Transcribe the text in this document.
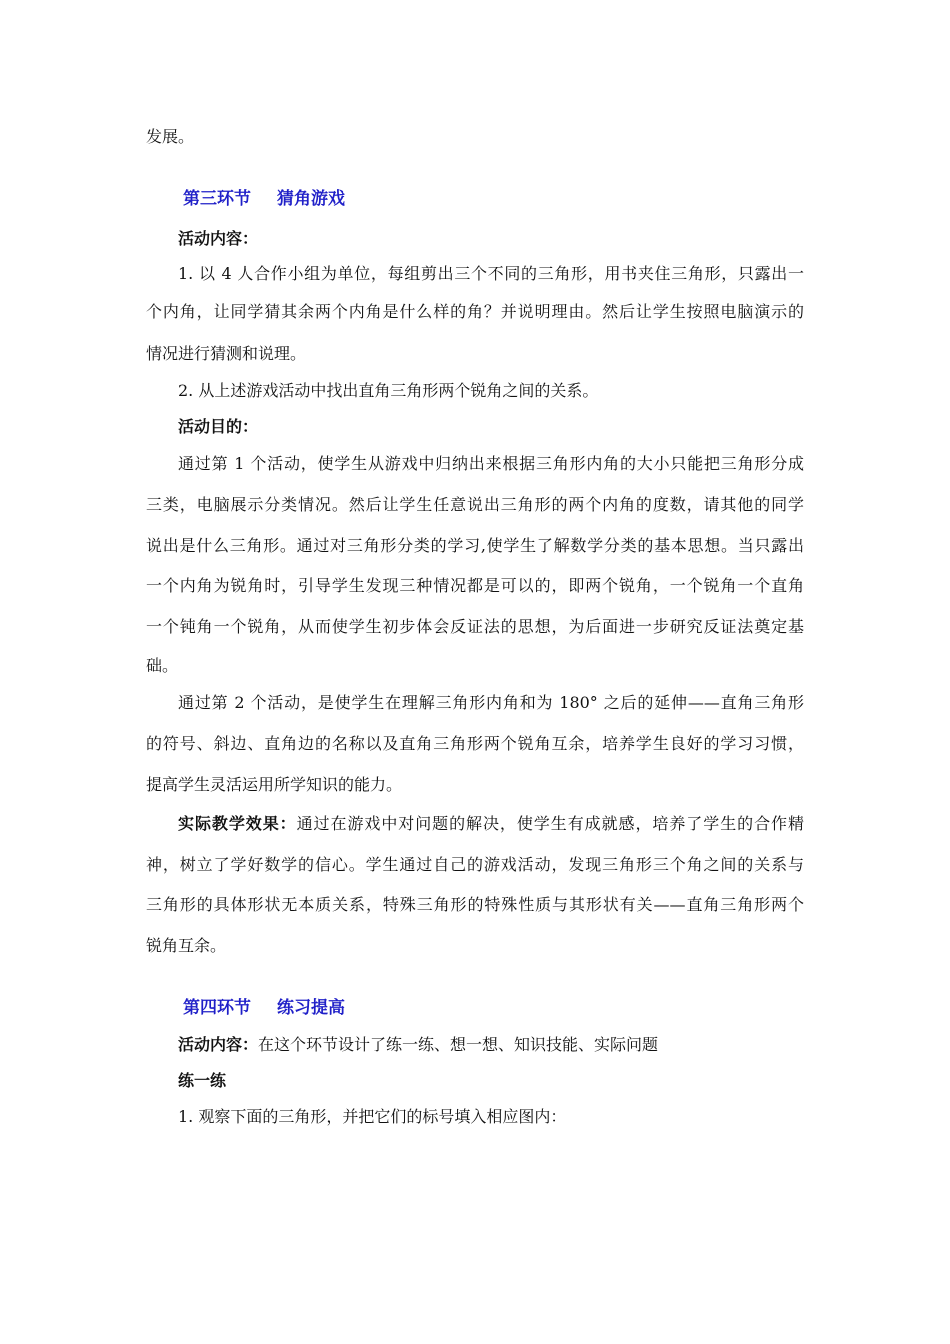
发展。
第三环节 猜角游戏
活动内容：
1. 以 4 人合作小组为单位，每组剪出三个不同的三角形，用书夹住三角形，只露出一
个内角，让同学猜其余两个内角是什么样的角？并说明理由。然后让学生按照电脑演示的
情况进行猜测和说理。
2. 从上述游戏活动中找出直角三角形两个锐角之间的关系。
活动目的：
通过第 1 个活动，使学生从游戏中归纳出来根据三角形内角的大小只能把三角形分成
三类，电脑展示分类情况。然后让学生任意说出三角形的两个内角的度数，请其他的同学
说出是什么三角形。通过对三角形分类的学习,使学生了解数学分类的基本思想。当只露出
一个内角为锐角时，引导学生发现三种情况都是可以的，即两个锐角，一个锐角一个直角
一个钝角一个锐角，从而使学生初步体会反证法的思想，为后面进一步研究反证法奠定基
础。
通过第 2 个活动，是使学生在理解三角形内角和为 180° 之后的延伸——直角三角形
的符号、斜边、直角边的名称以及直角三角形两个锐角互余，培养学生良好的学习习惯，
提高学生灵活运用所学知识的能力。
实际教学效果：通过在游戏中对问题的解决，使学生有成就感，培养了学生的合作精
神，树立了学好数学的信心。学生通过自己的游戏活动，发现三角形三个角之间的关系与
三角形的具体形状无本质关系，特殊三角形的特殊性质与其形状有关——直角三角形两个
锐角互余。
第四环节 练习提高
活动内容：在这个环节设计了练一练、想一想、知识技能、实际问题
练一练
1. 观察下面的三角形，并把它们的标号填入相应图内：
